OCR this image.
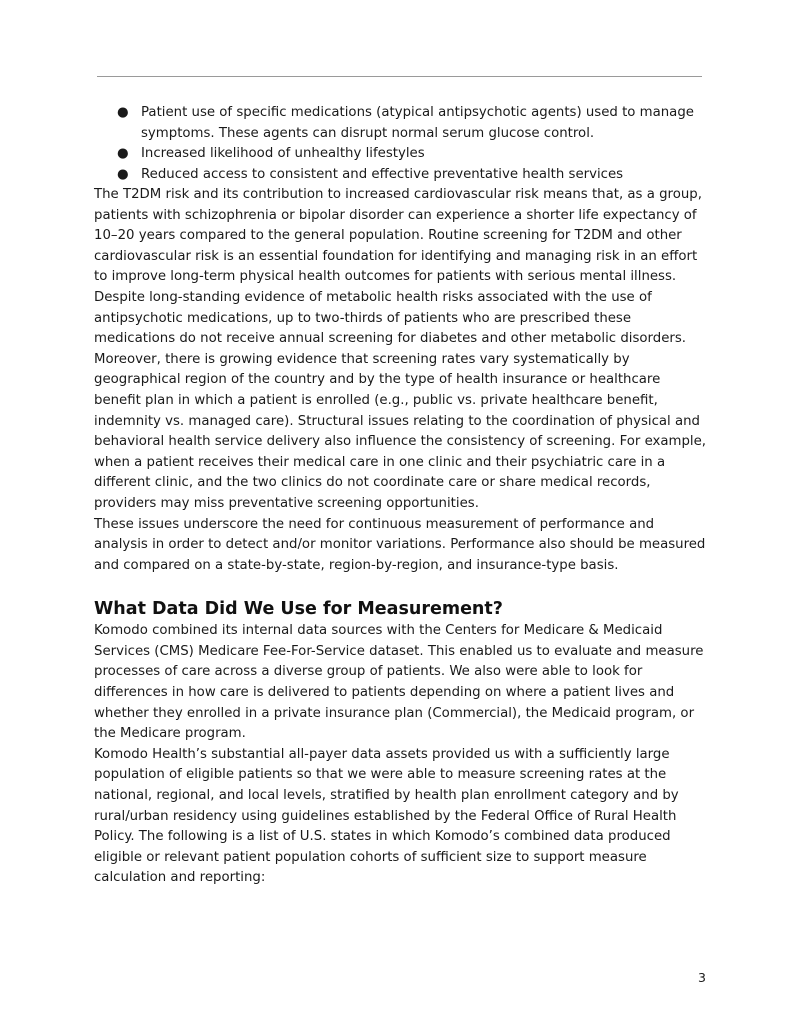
● Patient use of specific medications (atypical antipsychotic agents) used to manage symptoms. These agents can disrupt normal serum glucose control.
● Increased likelihood of unhealthy lifestyles
● Reduced access to consistent and effective preventative health services

The T2DM risk and its contribution to increased cardiovascular risk means that, as a group, patients with schizophrenia or bipolar disorder can experience a shorter life expectancy of 10–20 years compared to the general population. Routine screening for T2DM and other cardiovascular risk is an essential foundation for identifying and managing risk in an effort to improve long-term physical health outcomes for patients with serious mental illness.

Despite long-standing evidence of metabolic health risks associated with the use of antipsychotic medications, up to two-thirds of patients who are prescribed these medications do not receive annual screening for diabetes and other metabolic disorders. Moreover, there is growing evidence that screening rates vary systematically by geographical region of the country and by the type of health insurance or healthcare benefit plan in which a patient is enrolled (e.g., public vs. private healthcare benefit, indemnity vs. managed care). Structural issues relating to the coordination of physical and behavioral health service delivery also influence the consistency of screening. For example, when a patient receives their medical care in one clinic and their psychiatric care in a different clinic, and the two clinics do not coordinate care or share medical records, providers may miss preventative screening opportunities.

These issues underscore the need for continuous measurement of performance and analysis in order to detect and/or monitor variations. Performance also should be measured and compared on a state-by-state, region-by-region, and insurance-type basis.

What Data Did We Use for Measurement?

Komodo combined its internal data sources with the Centers for Medicare & Medicaid Services (CMS) Medicare Fee-For-Service dataset. This enabled us to evaluate and measure processes of care across a diverse group of patients. We also were able to look for differences in how care is delivered to patients depending on where a patient lives and whether they enrolled in a private insurance plan (Commercial), the Medicaid program, or the Medicare program.

Komodo Health’s substantial all-payer data assets provided us with a sufficiently large population of eligible patients so that we were able to measure screening rates at the national, regional, and local levels, stratified by health plan enrollment category and by rural/urban residency using guidelines established by the Federal Office of Rural Health Policy. The following is a list of U.S. states in which Komodo’s combined data produced eligible or relevant patient population cohorts of sufficient size to support measure calculation and reporting:

3
